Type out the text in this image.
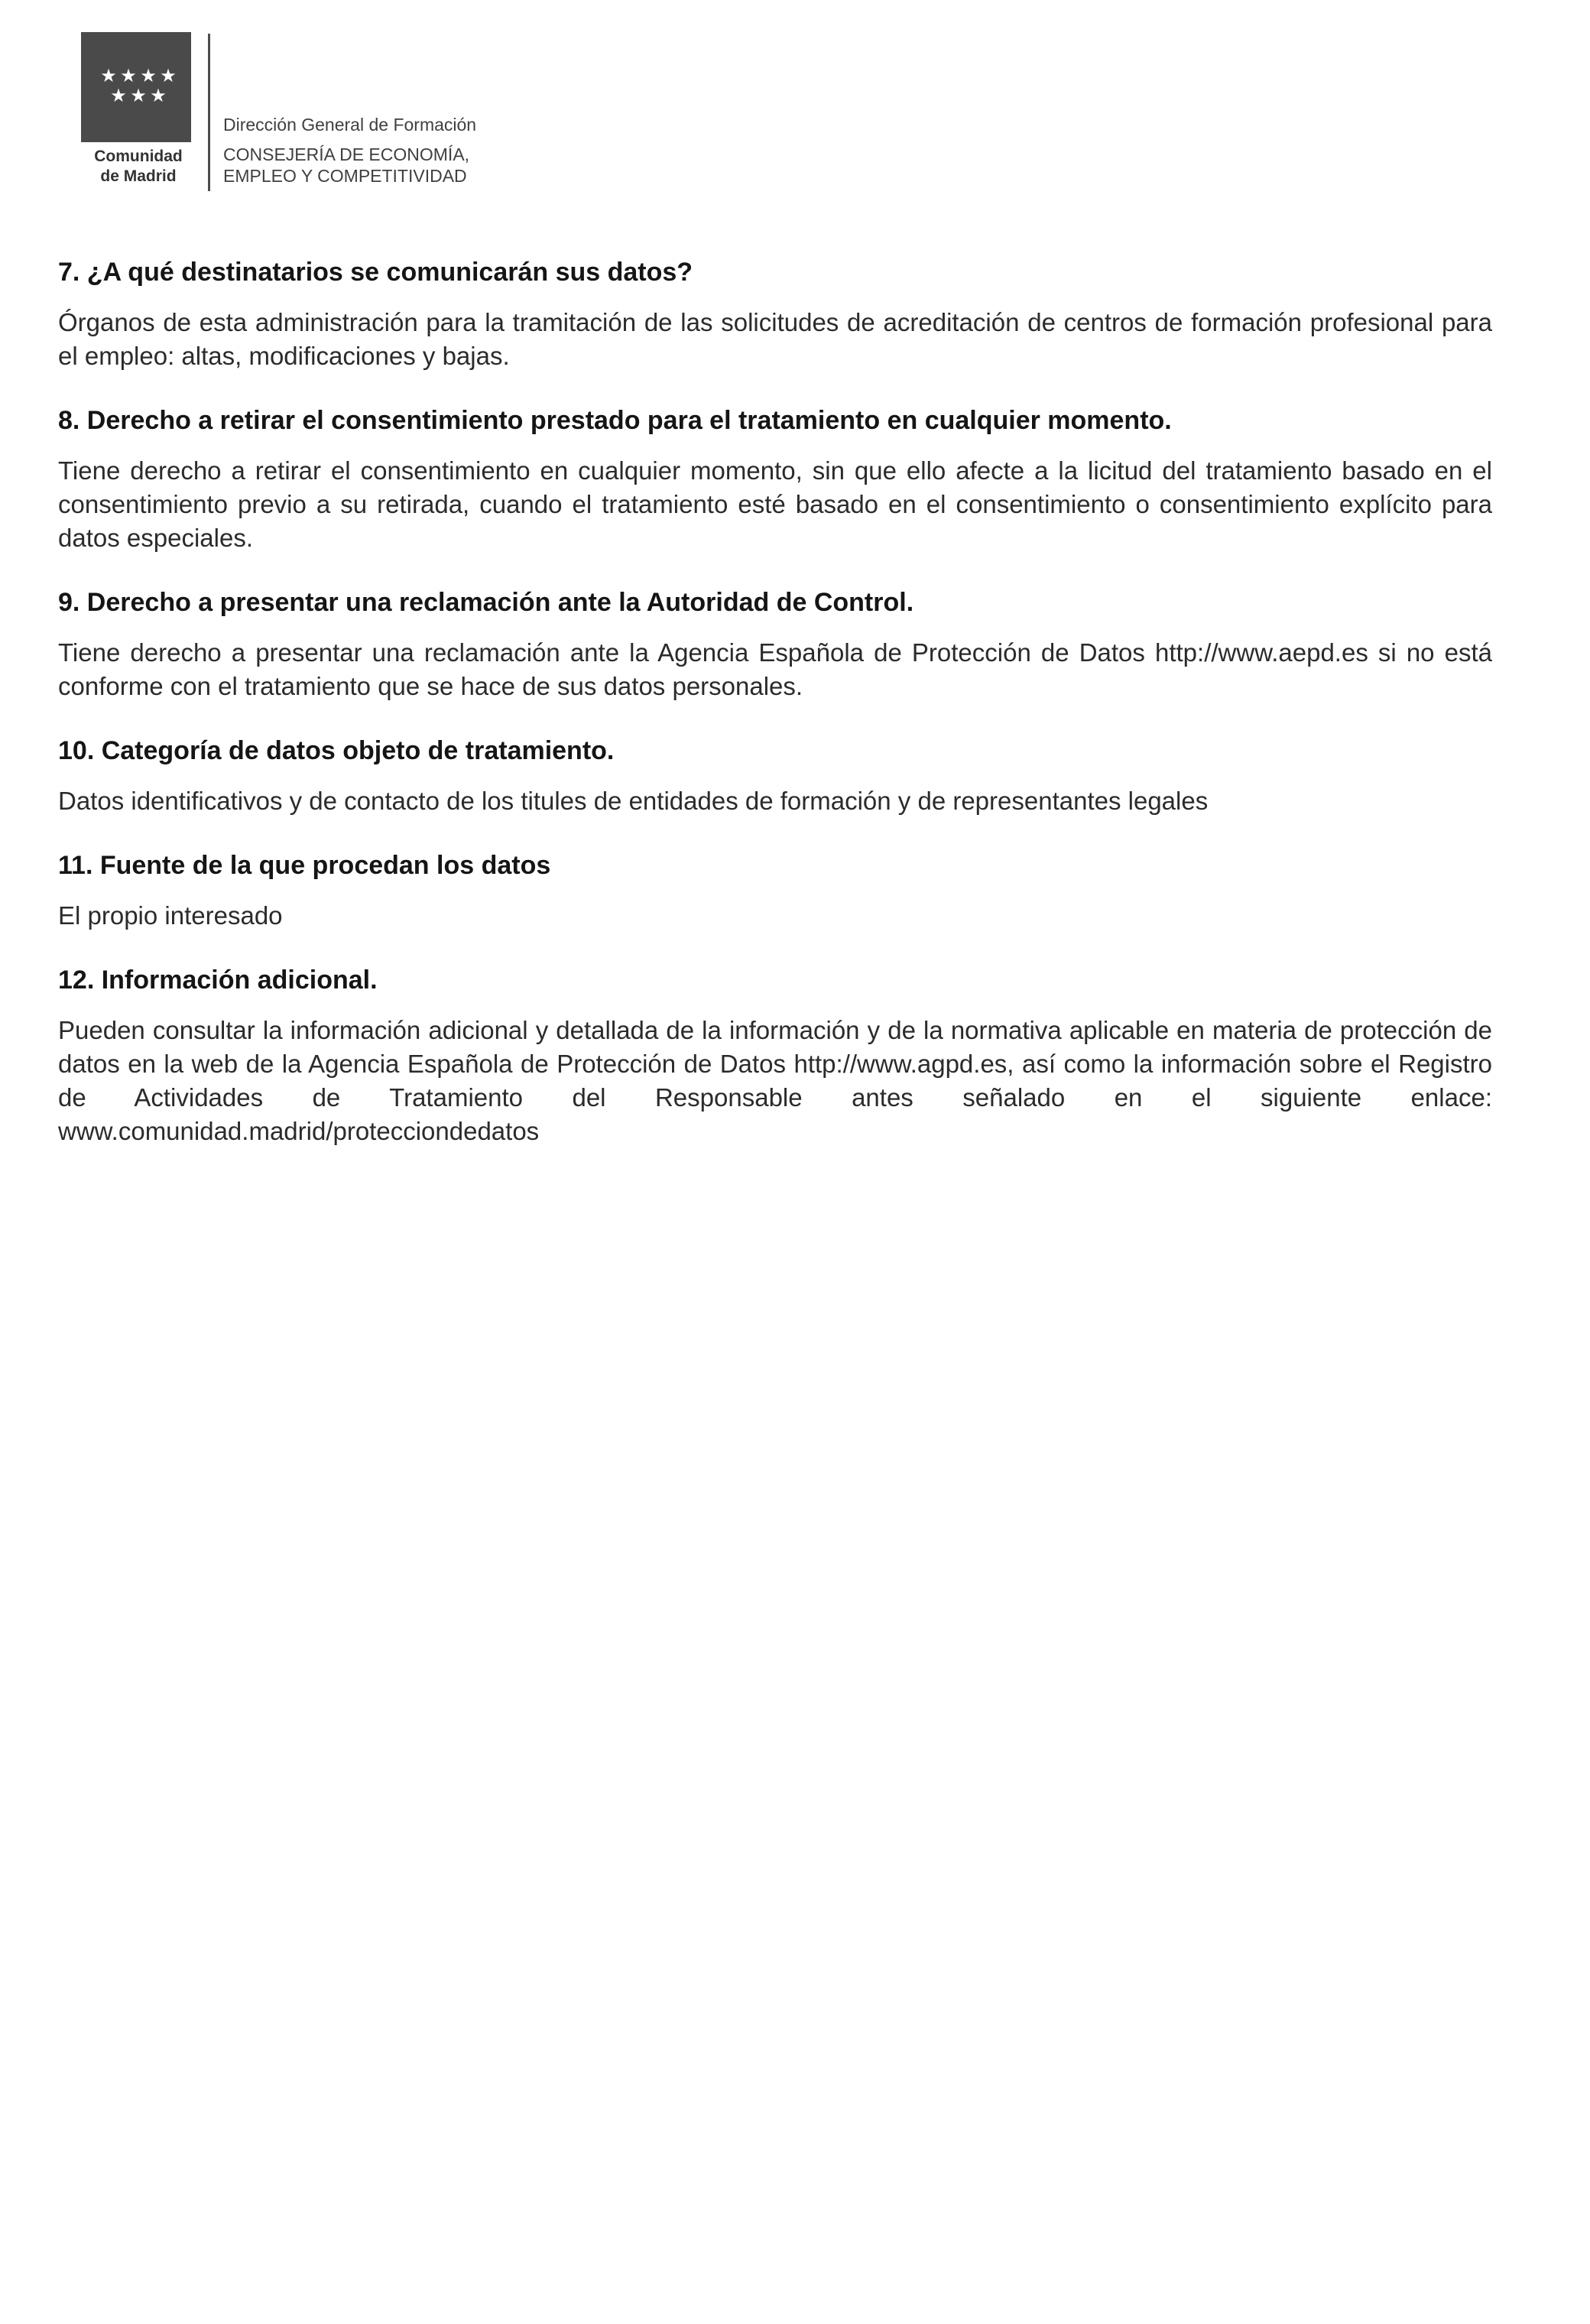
★ ★ ★ ★
★ ★ ★
Comunidad
de Madrid
Dirección General de Formación
CONSEJERÍA DE ECONOMÍA,
EMPLEO Y COMPETITIVIDAD
7. ¿A qué destinatarios se comunicarán sus datos?

Órganos de esta administración para la tramitación de las solicitudes de acreditación de centros de formación profesional para el empleo: altas, modificaciones y bajas.

8. Derecho a retirar el consentimiento prestado para el tratamiento en cualquier momento.

Tiene derecho a retirar el consentimiento en cualquier momento, sin que ello afecte a la licitud del tratamiento basado en el consentimiento previo a su retirada, cuando el tratamiento esté basado en el consentimiento o consentimiento explícito para datos especiales.

9. Derecho a presentar una reclamación ante la Autoridad de Control.

Tiene derecho a presentar una reclamación ante la Agencia Española de Protección de Datos http://www.aepd.es si no está conforme con el tratamiento que se hace de sus datos personales.

10. Categoría de datos objeto de tratamiento.

Datos identificativos y de contacto de los titules de entidades de formación y de representantes legales

11. Fuente de la que procedan los datos

El propio interesado

12. Información adicional.

Pueden consultar la información adicional y detallada de la información y de la normativa aplicable en materia de protección de datos en la web de la Agencia Española de Protección de Datos http://www.agpd.es, así como la información sobre el Registro de Actividades de Tratamiento del Responsable antes señalado en el siguiente enlace: www.comunidad.madrid/protecciondedatos
